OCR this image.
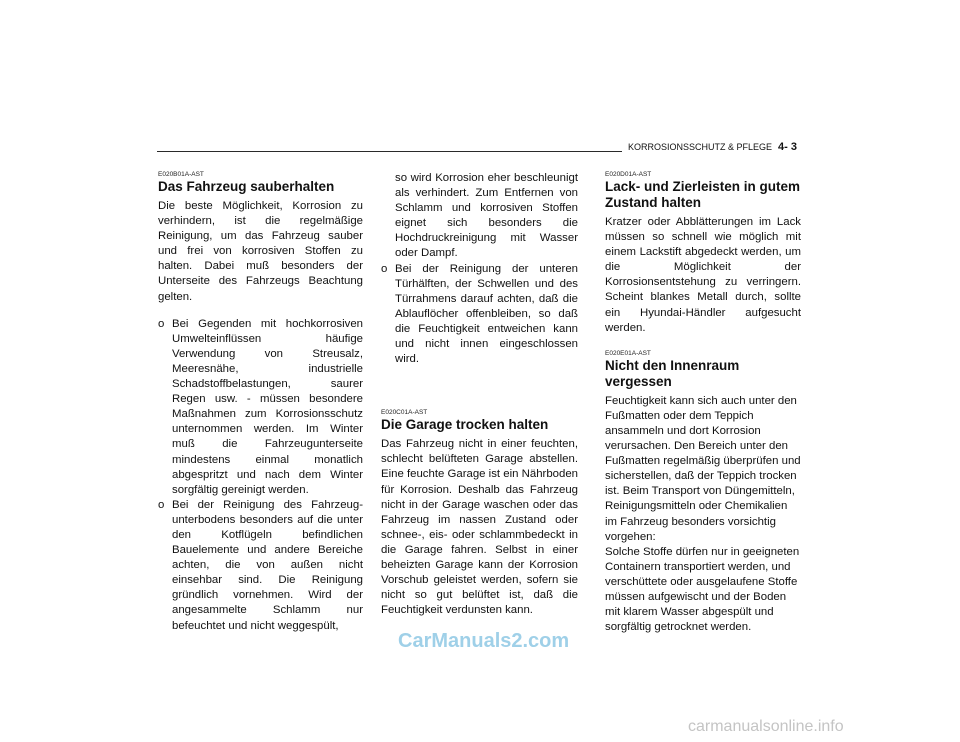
KORROSIONSSCHUTZ & PFLEGE 4- 3
E020B01A-AST
Das Fahrzeug sauberhalten

Die beste Möglichkeit, Korrosion zu verhindern, ist die regelmäßige Reinigung, um das Fahrzeug sauber und frei von korrosiven Stoffen zu halten. Dabei muß besonders der Unterseite des Fahrzeugs Beachtung gelten.

o Bei Gegenden mit hochkorrosiven Umwelteinflüssen häufige Verwendung von Streusalz, Meeresnähe, industrielle Schadstoffbelastungen, saurer Regen usw. - müssen besondere Maßnahmen zum Korrosionsschutz unternommen werden. Im Winter muß die Fahrzeugunterseite mindestens einmal monatlich abgespritzt und nach dem Winter sorgfältig gereinigt werden.
o Bei der Reinigung des Fahrzeug-unterbodens besonders auf die unter den Kotflügeln befindlichen Bauelemente und andere Bereiche achten, die von außen nicht einsehbar sind. Die Reinigung gründlich vornehmen. Wird der angesammelte Schlamm nur befeuchtet und nicht weggespült,
so wird Korrosion eher beschleunigt als verhindert. Zum Entfernen von Schlamm und korrosiven Stoffen eignet sich besonders die Hochdruckreinigung mit Wasser oder Dampf.
o Bei der Reinigung der unteren Türhälften, der Schwellen und des Türrahmens darauf achten, daß die Ablauflöcher offenbleiben, so daß die Feuchtigkeit entweichen kann und nicht innen eingeschlossen wird.
E020C01A-AST
Die Garage trocken halten

Das Fahrzeug nicht in einer feuchten, schlecht belüfteten Garage abstellen. Eine feuchte Garage ist ein Nährboden für Korrosion. Deshalb das Fahrzeug nicht in der Garage waschen oder das Fahrzeug im nassen Zustand oder schnee-, eis- oder schlammbedeckt in die Garage fahren. Selbst in einer beheizten Garage kann der Korrosion Vorschub geleistet werden, sofern sie nicht so gut belüftet ist, daß die Feuchtigkeit verdunsten kann.

E020D01A-AST
Lack- und Zierleisten in gutem Zustand halten

Kratzer oder Abblätterungen im Lack müssen so schnell wie möglich mit einem Lackstift abgedeckt werden, um die Möglichkeit der Korrosionsentstehung zu verringern. Scheint blankes Metall durch, sollte ein Hyundai-Händler aufgesucht werden.

E020E01A-AST
Nicht den Innenraum vergessen

Feuchtigkeit kann sich auch unter den Fußmatten oder dem Teppich ansammeln und dort Korrosion verursachen. Den Bereich unter den Fußmatten regelmäßig überprüfen und sicherstellen, daß der Teppich trocken ist. Beim Transport von Düngemitteln, Reinigungsmitteln oder Chemikalien im Fahrzeug besonders vorsichtig vorgehen:

Solche Stoffe dürfen nur in geeigneten Containern transportiert werden, und verschüttete oder ausgelaufene Stoffe müssen aufgewischt und der Boden mit klarem Wasser abgespült und sorgfältig getrocknet werden.

CarManuals2.com
carmanualsonline.info
